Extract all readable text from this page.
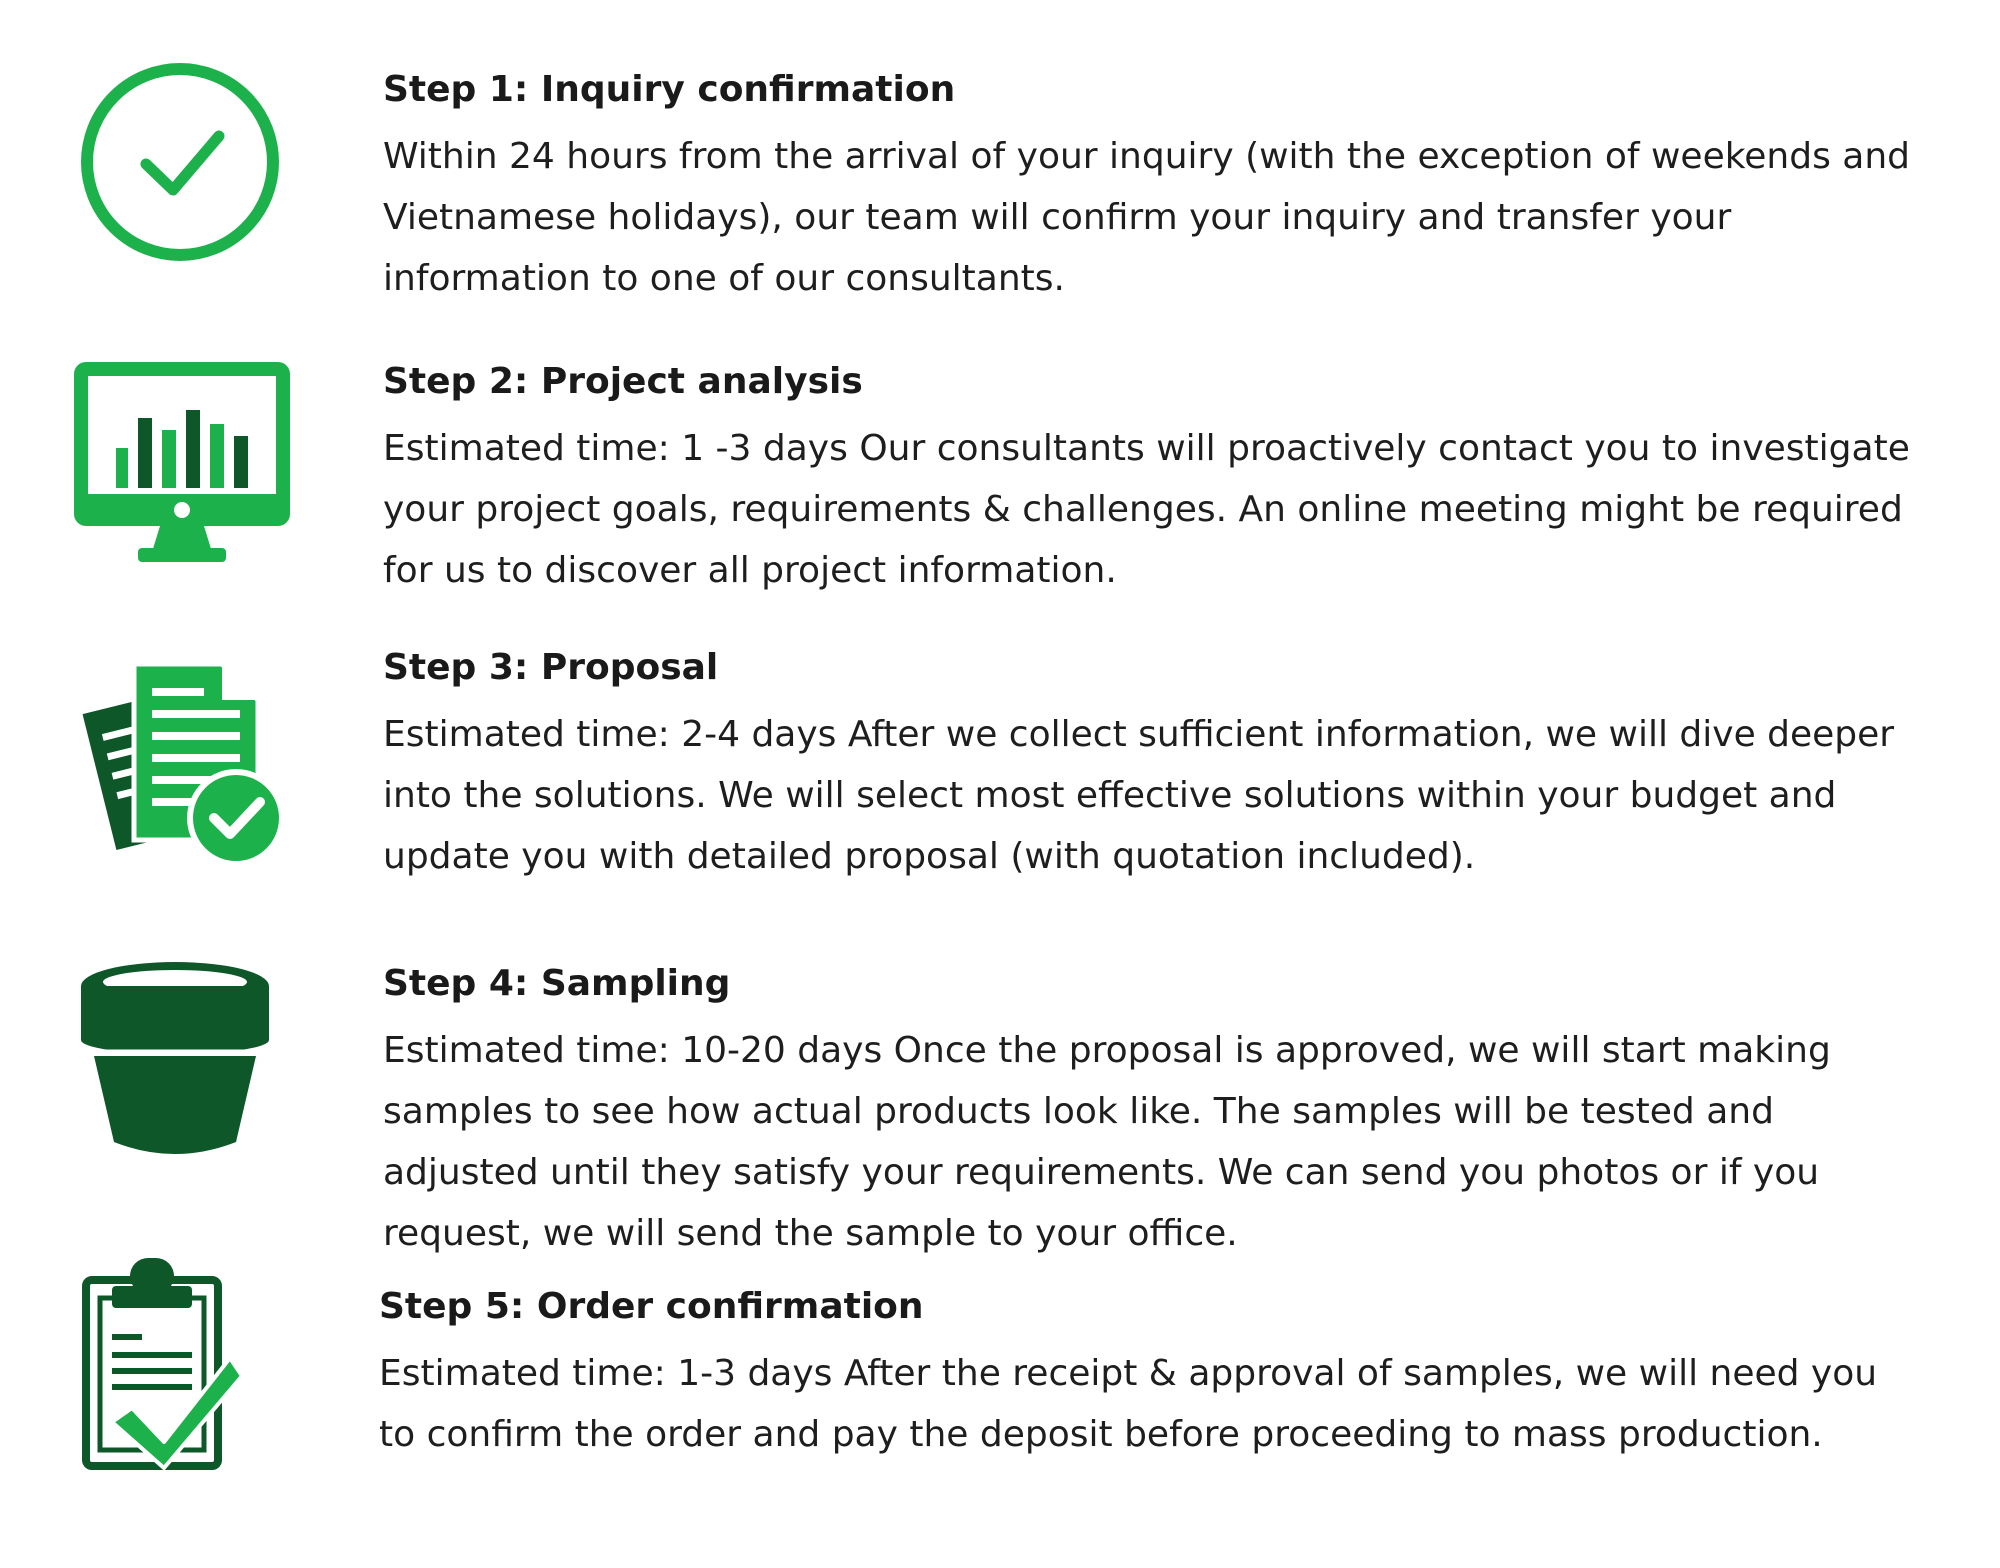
Step 1: Inquiry confirmation

Within 24 hours from the arrival of your inquiry (with the exception of weekends and Vietnamese holidays), our team will confirm your inquiry and transfer your information to one of our consultants.

Step 2: Project analysis

Estimated time: 1 -3 days Our consultants will proactively contact you to investigate your project goals, requirements & challenges. An online meeting might be required for us to discover all project information.

Step 3: Proposal

Estimated time: 2-4 days After we collect sufficient information, we will dive deeper into the solutions. We will select most effective solutions within your budget and update you with detailed proposal (with quotation included).

Step 4: Sampling

Estimated time: 10-20 days Once the proposal is approved, we will start making samples to see how actual products look like. The samples will be tested and adjusted until they satisfy your requirements. We can send you photos or if you request, we will send the sample to your office.

Step 5: Order confirmation

Estimated time: 1-3 days After the receipt & approval of samples, we will need you to confirm the order and pay the deposit before proceeding to mass production.
